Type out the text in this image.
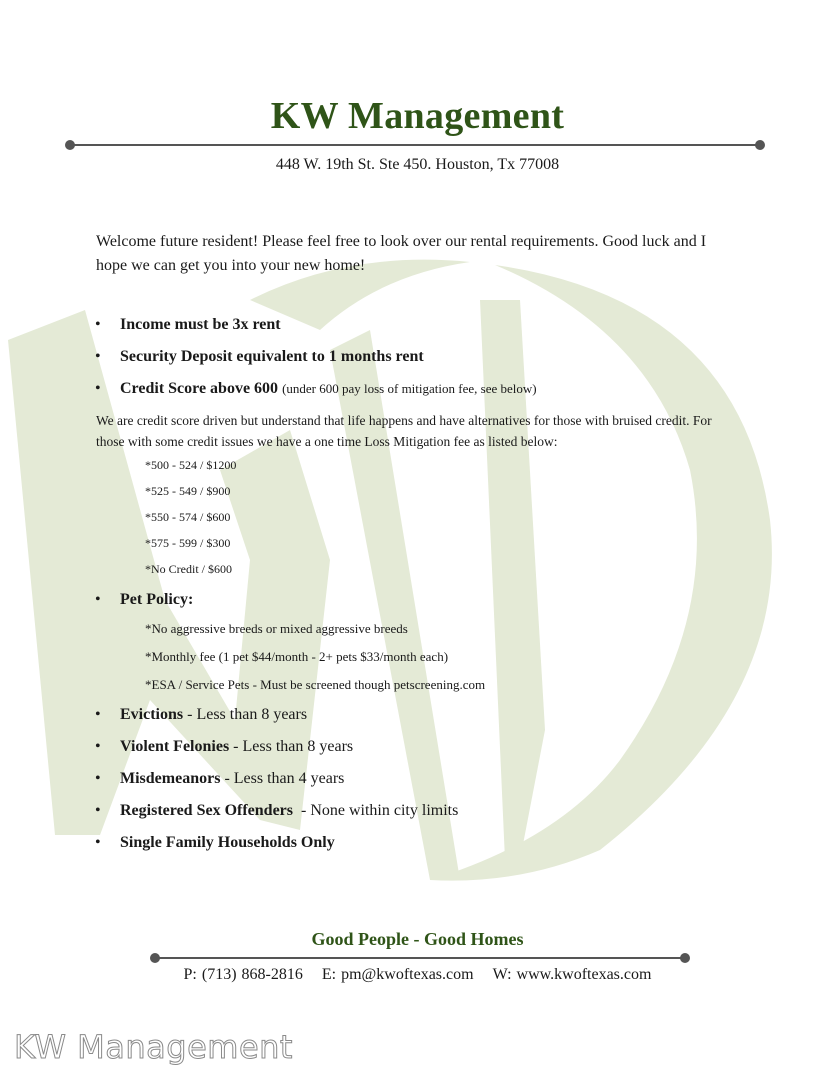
KW Management
448 W. 19th St. Ste 450. Houston, Tx 77008
Welcome future resident! Please feel free to look over our rental requirements. Good luck and I hope we can get you into your new home!
• Income must be 3x rent
• Security Deposit equivalent to 1 months rent
• Credit Score above 600 (under 600 pay loss of mitigation fee, see below)
We are credit score driven but understand that life happens and have alternatives for those with bruised credit. For those with some credit issues we have a one time Loss Mitigation fee as listed below:
*500 - 524 / $1200
*525 - 549 / $900
*550 - 574 / $600
*575 - 599 / $300
*No Credit / $600
• Pet Policy:
*No aggressive breeds or mixed aggressive breeds
*Monthly fee (1 pet $44/month - 2+ pets $33/month each)
*ESA / Service Pets - Must be screened though petscreening.com
• Evictions - Less than 8 years
• Violent Felonies - Less than 8 years
• Misdemeanors - Less than 4 years
• Registered Sex Offenders  - None within city limits
• Single Family Households Only
Good People - Good Homes
P: (713) 868-2816 E: pm@kwoftexas.com W: www.kwoftexas.com
KW Management
